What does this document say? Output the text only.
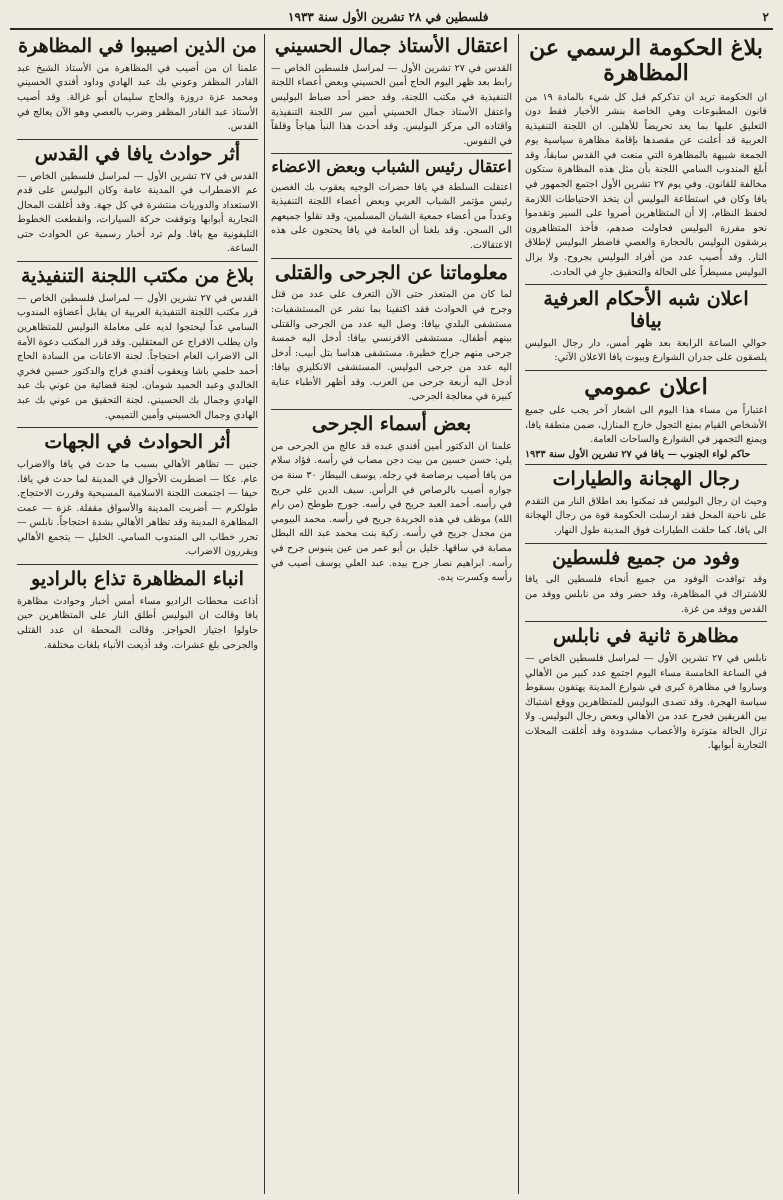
٢
فلسطين في ٢٨ تشرين الأول سنة ١٩٣٣
بلاغ الحكومة الرسمي عن المظاهرة

ان الحكومة تريد ان تذكركم قبل كل شيء بالمادة ١٩ من قانون المطبوعات وهي الخاصة بنشر الأخبار فقط دون التعليق عليها بما يعد تحريضاً للأهلين. ان اللجنة التنفيذية العربية قد أعلنت عن مقصدها بإقامة مظاهرة سياسية يوم الجمعة شبيهة بالمظاهرة التي منعت في القدس سابقاً، وقد أبلغ المندوب السامي اللجنة بأن مثل هذه المظاهرة ستكون مخالفة للقانون. وفي يوم ٢٧ تشرين الأول اجتمع الجمهور في يافا وكان في استطاعة البوليس أن يتخذ الاحتياطات اللازمة لحفظ النظام، إلا أن المتظاهرين أصروا على السير وتقدموا نحو مفرزة البوليس فحاولت صدهم، فأخذ المتظاهرون يرشقون البوليس بالحجارة والعصي فاضطر البوليس لإطلاق النار. وقد أُصيب عدد من أفراد البوليس بجروح. ولا يزال البوليس مسيطراً على الحالة والتحقيق جارٍ في الحادث.

اعلان شبه الأحكام العرفية بيافا

حوالي الساعة الرابعة بعد ظهر أمس، دار رجال البوليس يلصقون على جدران الشوارع وبيوت يافا الاعلان الآتي:

اعلان عمومي

اعتباراً من مساء هذا اليوم الى اشعار آخر يجب على جميع الأشخاص القيام بمنع التجول خارج المنازل، ضمن منطقة يافا، ويمنع التجمهر في الشوارع والساحات العامة.

حاكم لواء الجنوب — يافا في ٢٧ تشرين الأول سنة ١٩٣٣
رجال الهجانة والطيارات

وحيث ان رجال البوليس قد تمكنوا بعد اطلاق النار من التقدم على ناحية المحل فقد ارسلت الحكومة قوة من رجال الهجانة الى يافا، كما حلقت الطيارات فوق المدينة طول النهار.

وفود من جميع فلسطين

وقد توافدت الوفود من جميع أنحاء فلسطين الى يافا للاشتراك في المظاهرة، وقد حضر وفد من نابلس ووفد من القدس ووفد من غزة.

مظاهرة ثانية في نابلس

نابلس في ٢٧ تشرين الأول — لمراسل فلسطين الخاص — في الساعة الخامسة مساء اليوم اجتمع عدد كبير من الأهالي وساروا في مظاهرة كبرى في شوارع المدينة يهتفون بسقوط سياسة الهجرة. وقد تصدى البوليس للمتظاهرين ووقع اشتباك بين الفريقين فجرح عدد من الأهالي وبعض رجال البوليس. ولا تزال الحالة متوترة والأعصاب مشدودة وقد أغلقت المحلات التجارية أبوابها.

اعتقال الأستاذ جمال الحسيني

القدس في ٢٧ تشرين الأول — لمراسل فلسطين الخاص — رابط بعد ظهر اليوم الحاج أمين الحسيني وبعض أعضاء اللجنة التنفيذية في مكتب اللجنة، وقد حضر أحد ضباط البوليس واعتقل الأستاذ جمال الحسيني أمين سر اللجنة التنفيذية واقتاده الى مركز البوليس. وقد أحدث هذا النبأ هياجاً وقلقاً في النفوس.

اعتقال رئيس الشباب وبعض الاعضاء

اعتقلت السلطة في يافا حضرات الوجيه يعقوب بك الغصين رئيس مؤتمر الشباب العربي وبعض أعضاء اللجنة التنفيذية وعدداً من أعضاء جمعية الشبان المسلمين، وقد نقلوا جميعهم الى السجن. وقد بلغنا أن العامة في يافا يحتجون على هذه الاعتقالات.

معلوماتنا عن الجرحى والقتلى

لما كان من المتعذر حتى الآن التعرف على عدد من قتل وجرح في الحوادث فقد اكتفينا بما نشر عن المستشفيات: مستشفى البلدي بيافا: وصل اليه عدد من الجرحى والقتلى بينهم أطفال. مستشفى الافرنسي بيافا: أدخل اليه خمسة جرحى منهم جراح خطيرة. مستشفى هداسا بتل أبيب: أدخل اليه عدد من جرحى البوليس. المستشفى الانكليزي بيافا: أدخل اليه أربعة جرحى من العرب. وقد أظهر الأطباء عناية كبيرة في معالجة الجرحى.

بعض أسماء الجرحى

علمنا ان الدكتور أمين أفندي عبده قد عالج من الجرحى من يلي: حسن حسين من بيت دجن مصاب في رأسه. فؤاد سلام من يافا أصيب برصاصة في رجله. يوسف البيطار ٣٠ سنة من جواره أصيب بالرصاص في الرأس. سيف الدين علي جريح في رأسه. أحمد العبد جريح في رأسه. جورج طوطح (من رام الله) موظف في هذه الجريدة جريح في رأسه. محمد البيومي من مجدل جريح في رأسه. زكية بنت محمد عبد الله البطل مصابة في ساقها. خليل بن أبو عمر من عين ينبوس جرح في رأسه. ابراهيم نصار جرح بيده. عبد العلي يوسف أصيب في رأسه وكسرت يده.

من الذين اصيبوا في المظاهرة

علمنا ان من أصيب في المظاهرة من الأستاذ الشيخ عبد القادر المظفر وعوني بك عبد الهادي وداود أفندي الحسيني ومحمد عزة دروزة والحاج سليمان أبو غزالة. وقد أصيب الأستاذ عبد القادر المظفر وضرب بالعصي وهو الآن يعالج في القدس.

أثر حوادث يافا في القدس

القدس في ٢٧ تشرين الأول — لمراسل فلسطين الخاص — عم الاضطراب في المدينة عامة وكان البوليس على قدم الاستعداد والدوريات منتشرة في كل جهة. وقد أغلقت المحال التجارية أبوابها وتوقفت حركة السيارات، وانقطعت الخطوط التليفونية مع يافا. ولم ترد أخبار رسمية عن الحوادث حتى الساعة.

بلاغ من مكتب اللجنة التنفيذية

القدس في ٢٧ تشرين الأول — لمراسل فلسطين الخاص — قرر مكتب اللجنة التنفيذية العربية ان يقابل أعضاؤه المندوب السامي غداً ليحتجوا لديه على معاملة البوليس للمتظاهرين وان يطلب الافراج عن المعتقلين. وقد قرر المكتب دعوة الأمة الى الاضراب العام احتجاجاً. لجنة الاعانات من السادة الحاج أحمد حلمي باشا ويعقوب أفندي فراج والدكتور حسين فخري الخالدي وعبد الحميد شومان. لجنة قضائية من عوني بك عبد الهادي وجمال بك الحسيني. لجنة التحقيق من عوني بك عبد الهادي وجمال الحسيني وأمين التميمي.

أثر الحوادث في الجهات

جنين — تظاهر الأهالي بسبب ما حدث في يافا والاضراب عام. عكا — اضطربت الأحوال في المدينة لما حدث في يافا. حيفا — اجتمعت اللجنة الاسلامية المسيحية وقررت الاحتجاج. طولكرم — أضربت المدينة والأسواق مقفلة. غزة — عمت المظاهرة المدينة وقد تظاهر الأهالي بشدة احتجاجاً. نابلس — تحرر خطاب الى المندوب السامي. الخليل — يتجمع الأهالي ويقررون الاضراب.

انباء المظاهرة تذاع بالراديو

أذاعت محطات الراديو مساء أمس أخبار وحوادث مظاهرة يافا وقالت ان البوليس أطلق النار على المتظاهرين حين حاولوا اجتياز الحواجز. وقالت المحطة ان عدد القتلى والجرحى بلغ عشرات. وقد أذيعت الأنباء بلغات مختلفة.
